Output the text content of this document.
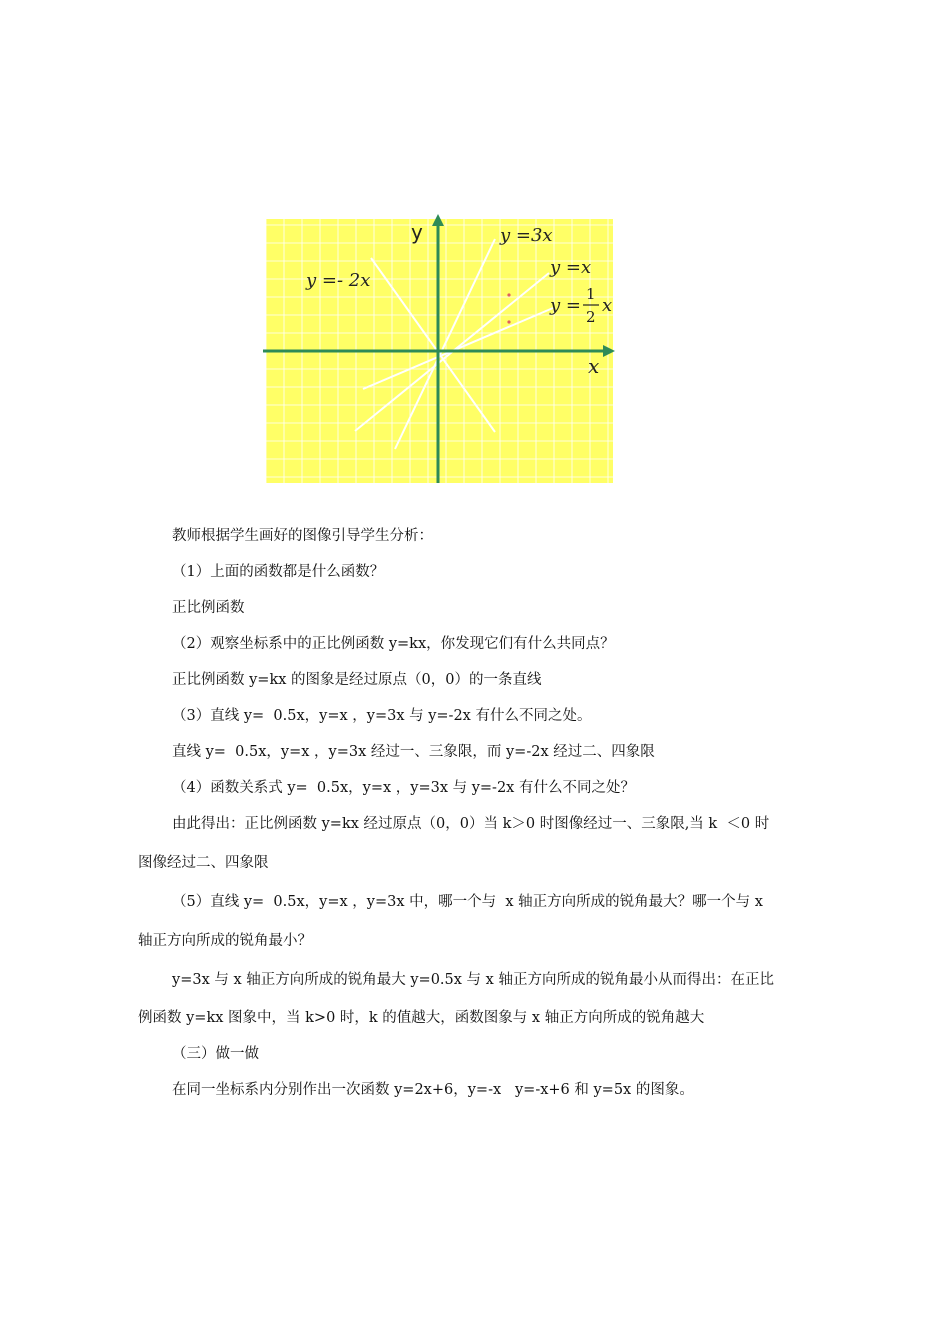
y
x
y =3x
y =x
y =
1
2
x
y =- 2x
教师根据学生画好的图像引导学生分析：
（1）上面的函数都是什么函数？
正比例函数
（2）观察坐标系中的正比例函数 y=kx，你发现它们有什么共同点？
正比例函数 y=kx 的图象是经过原点（0，0）的一条直线
（3）直线 y=  0.5x，y=x ，y=3x 与 y=-2x 有什么不同之处。
直线 y=  0.5x，y=x ，y=3x 经过一、三象限，而 y=-2x 经过二、四象限
（4）函数关系式 y=  0.5x，y=x ，y=3x 与 y=-2x 有什么不同之处？
由此得出：正比例函数 y=kx 经过原点（0，0）当 k＞0 时图像经过一、三象限,当 k  ＜0 时
图像经过二、四象限
（5）直线 y=  0.5x，y=x ，y=3x 中，哪一个与  x 轴正方向所成的锐角最大？哪一个与 x
轴正方向所成的锐角最小？
y=3x 与 x 轴正方向所成的锐角最大 y=0.5x 与 x 轴正方向所成的锐角最小从而得出：在正比
例函数 y=kx 图象中，当 k>0 时，k 的值越大，函数图象与 x 轴正方向所成的锐角越大
（三）做一做
在同一坐标系内分别作出一次函数 y=2x+6，y=-x   y=-x+6 和 y=5x 的图象。
